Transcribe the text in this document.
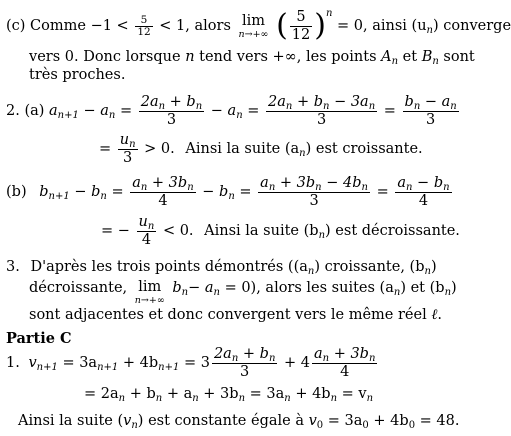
(c) Comme $-1 < \frac{5}{12} < 1$, alors lim
n→+∞ ( $\frac{5}{12} )^n = 0$, ainsi $(u_n)$ converge
vers 0. Donc lorsque n tend vers +∞, les points $A_n$ et $B_n$ sont
très proches.
2. (a) $a_{n+1} - a_n = \frac{2a_n + b_n}{3} - a_n = \frac{2a_n + b_n - 3a_n}{3} = \frac{b_n - a_n}{3}$
= $\frac{u_n}{3} > 0$. Ainsi la suite $(a_n)$ est croissante.
(b) $b_{n+1} - b_n = \frac{a_n + 3b_n}{4} - b_n = \frac{a_n + 3b_n - 4b_n}{3} = \frac{a_n - b_n}{4}$
= − $\frac{u_n}{4} < 0$. Ainsi la suite $(b_n)$ est décroissante.
3. D'après les trois points démontrés ($(a_n)$ croissante, $(b_n)$
décroissante, lim
n→+∞
$b_n- a_n = 0$), alors les suites $(a_n)$ et $(b_n)$
sont adjacentes et donc convergent vers le même réel ℓ.
Partie C
1. $v_{n+1} = 3a_{n+1} + 4b_{n+1} = 3 \frac{2a_n + b_n}{3} + 4 \frac{a_n + 3b_n}{4}$
= $2a_n + b_n + a_n + 3b_n = 3a_n + 4b_n = v_n$
Ainsi la suite $(v_n)$ est constante égale à $v_0 = 3a_0 + 4b_0 = 48$.
